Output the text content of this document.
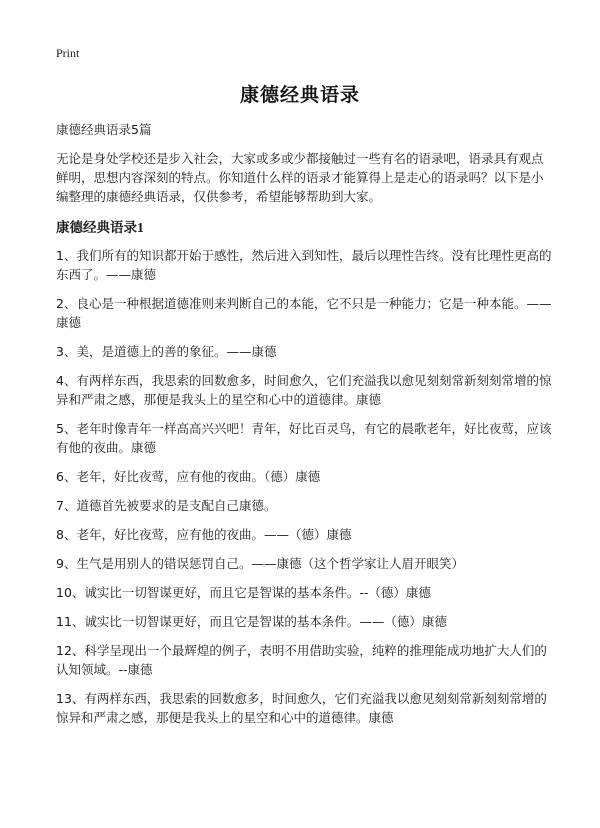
Print
康德经典语录

康德经典语录5篇

无论是身处学校还是步入社会，大家或多或少都接触过一些有名的语录吧，语录具有观点鲜明，思想内容深刻的特点。你知道什么样的语录才能算得上是走心的语录吗？以下是小编整理的康德经典语录，仅供参考，希望能够帮助到大家。

康德经典语录1

1、我们所有的知识都开始于感性，然后进入到知性，最后以理性告终。没有比理性更高的东西了。——康德

2、良心是一种根据道德准则来判断自己的本能，它不只是一种能力；它是一种本能。——康德

3、美，是道德上的善的象征。——康德

4、有两样东西，我思索的回数愈多，时间愈久，它们充溢我以愈见刻刻常新刻刻常增的惊异和严肃之感，那便是我头上的星空和心中的道德律。康德

5、老年时像青年一样高高兴兴吧！青年，好比百灵鸟，有它的晨歌老年，好比夜莺，应该有他的夜曲。康德

6、老年，好比夜莺，应有他的夜曲。（德）康德

7、道德首先被要求的是支配自己康德。

8、老年，好比夜莺，应有他的夜曲。——（德）康德

9、生气是用别人的错误惩罚自己。——康德（这个哲学家让人眉开眼笑）

10、诚实比一切智谋更好，而且它是智谋的基本条件。--（德）康德

11、诚实比一切智谋更好，而且它是智谋的基本条件。——（德）康德

12、科学呈现出一个最辉煌的例子，表明不用借助实验，纯粹的推理能成功地扩大人们的认知领域。--康德

13、有两样东西，我思索的回数愈多，时间愈久，它们充溢我以愈见刻刻常新刻刻常增的惊异和严肃之感，那便是我头上的星空和心中的道德律。康德
